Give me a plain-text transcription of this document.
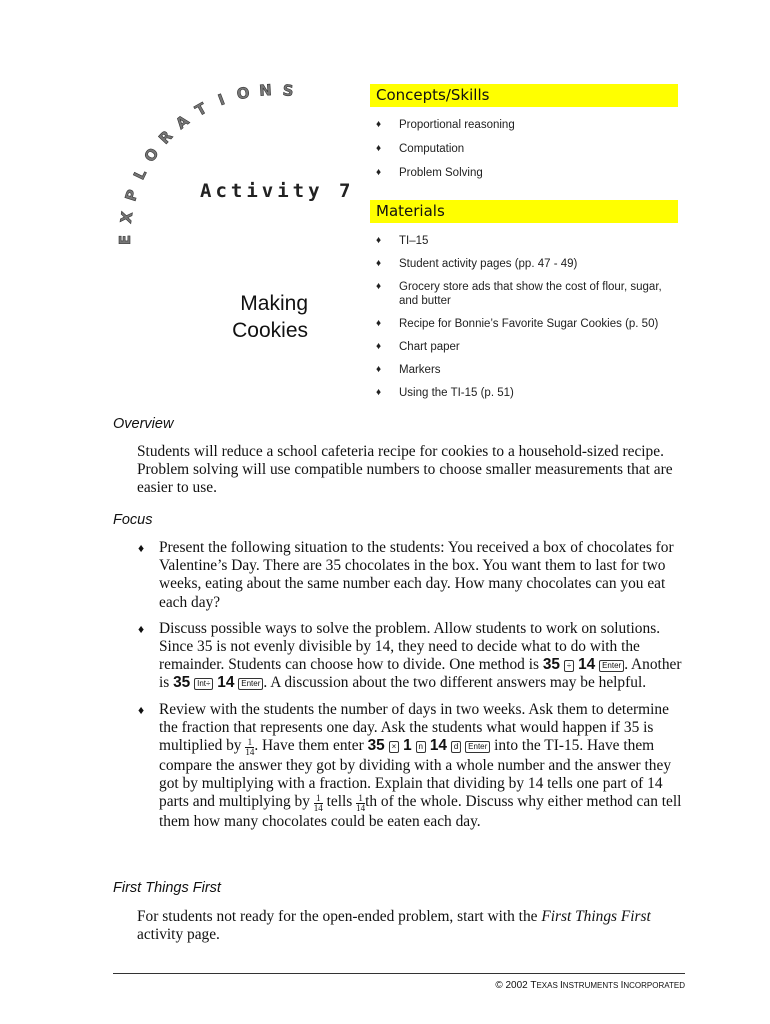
E
X
P
L
O
R
A
T I O N S
Activity 7
Making
Cookies
Concepts/Skills
♦ Proportional reasoning
♦ Computation
♦ Problem Solving
Materials
♦ TI–15
♦ Student activity pages (pp. 47 - 49)
♦ Grocery store ads that show the cost of flour, sugar, and butter
♦ Recipe for Bonnie’s Favorite Sugar Cookies (p. 50)
♦ Chart paper
♦ Markers
♦ Using the TI-15 (p. 51)
Overview
Students will reduce a school cafeteria recipe for cookies to a household-sized recipe. Problem solving will use compatible numbers to choose smaller measurements that are easier to use.
Focus
♦ Present the following situation to the students: You received a box of chocolates for Valentine’s Day. There are 35 chocolates in the box. You want them to last for two weeks, eating about the same number each day. How many chocolates can you eat each day?
♦ Discuss possible ways to solve the problem. Allow students to work on solutions. Since 35 is not evenly divisible by 14, they need to decide what to do with the remainder. Students can choose how to divide. One method is 35 ÷ 14 Enter . Another is 35 Int÷ 14 Enter . A discussion about the two different answers may be helpful.
♦ Review with the students the number of days in two weeks. Ask them to determine the fraction that represents one day. Ask the students what would happen if 35 is multiplied by $\frac{1}{14}$ . Have them enter 35 × 1 n 14 d Enter into the TI-15. Have them compare the answer they got by dividing with a whole number and the answer they got by multiplying with a fraction. Explain that dividing by 14 tells one part of 14 parts and multiplying by $\frac{1}{14}$ tells $\frac{1}{14}$ th of the whole. Discuss why either method can tell them how many chocolates could be eaten each day.
First Things First
For students not ready for the open-ended problem, start with the First Things First activity page.
© 2002 TEXAS INSTRUMENTS INCORPORATED
